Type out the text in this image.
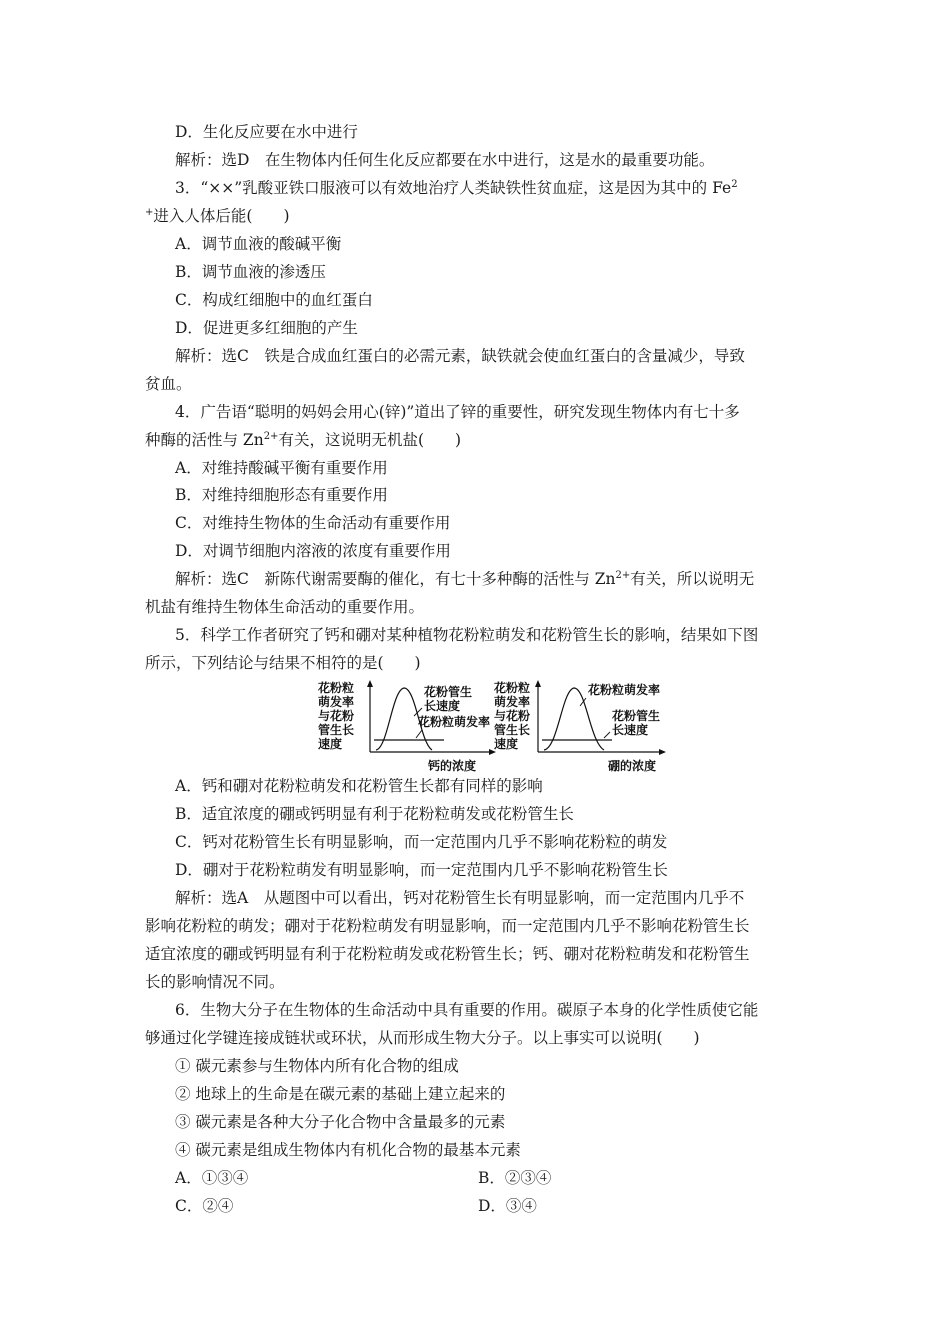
D．生化反应要在水中进行
解析：选D　在生物体内任何生化反应都要在水中进行，这是水的最重要功能。
3．“××”乳酸亚铁口服液可以有效地治疗人类缺铁性贫血症，这是因为其中的 Fe$^2$
+进入人体后能(　　)
A．调节血液的酸碱平衡
B．调节血液的渗透压
C．构成红细胞中的血红蛋白
D．促进更多红细胞的产生
解析：选C　铁是合成血红蛋白的必需元素，缺铁就会使血红蛋白的含量减少，导致
贫血。
4．广告语“聪明的妈妈会用心(锌)”道出了锌的重要性，研究发现生物体内有七十多
种酶的活性与 $Zn^{2+}$有关，这说明无机盐(　　)
A．对维持酸碱平衡有重要作用
B．对维持细胞形态有重要作用
C．对维持生物体的生命活动有重要作用
D．对调节细胞内溶液的浓度有重要作用
解析：选C　新陈代谢需要酶的催化，有七十多种酶的活性与 $Zn^{2+}$有关，所以说明无
机盐有维持生物体生命活动的重要作用。
5．科学工作者研究了钙和硼对某种植物花粉粒萌发和花粉管生长的影响，结果如下图
所示，下列结论与结果不相符的是(　　)
花粉粒
萌发率
与花粉
管生长
速度
花粉管生
长速度
花粉粒萌发率
钙的浓度
花粉粒
萌发率
与花粉
管生长
速度
花粉粒萌发率
花粉管生
长速度
硼的浓度
A．钙和硼对花粉粒萌发和花粉管生长都有同样的影响
B．适宜浓度的硼或钙明显有利于花粉粒萌发或花粉管生长
C．钙对花粉管生长有明显影响，而一定范围内几乎不影响花粉粒的萌发
D．硼对于花粉粒萌发有明显影响，而一定范围内几乎不影响花粉管生长
解析：选A　从题图中可以看出，钙对花粉管生长有明显影响，而一定范围内几乎不
影响花粉粒的萌发；硼对于花粉粒萌发有明显影响，而一定范围内几乎不影响花粉管生长
适宜浓度的硼或钙明显有利于花粉粒萌发或花粉管生长；钙、硼对花粉粒萌发和花粉管生
长的影响情况不同。
6．生物大分子在生物体的生命活动中具有重要的作用。碳原子本身的化学性质使它能
够通过化学键连接成链状或环状，从而形成生物大分子。以上事实可以说明(　　)
① 碳元素参与生物体内所有化合物的组成
② 地球上的生命是在碳元素的基础上建立起来的
③ 碳元素是各种大分子化合物中含量最多的元素
④ 碳元素是组成生物体内有机化合物的最基本元素
A．①③④	B．②③④
C．②④	D．③④
